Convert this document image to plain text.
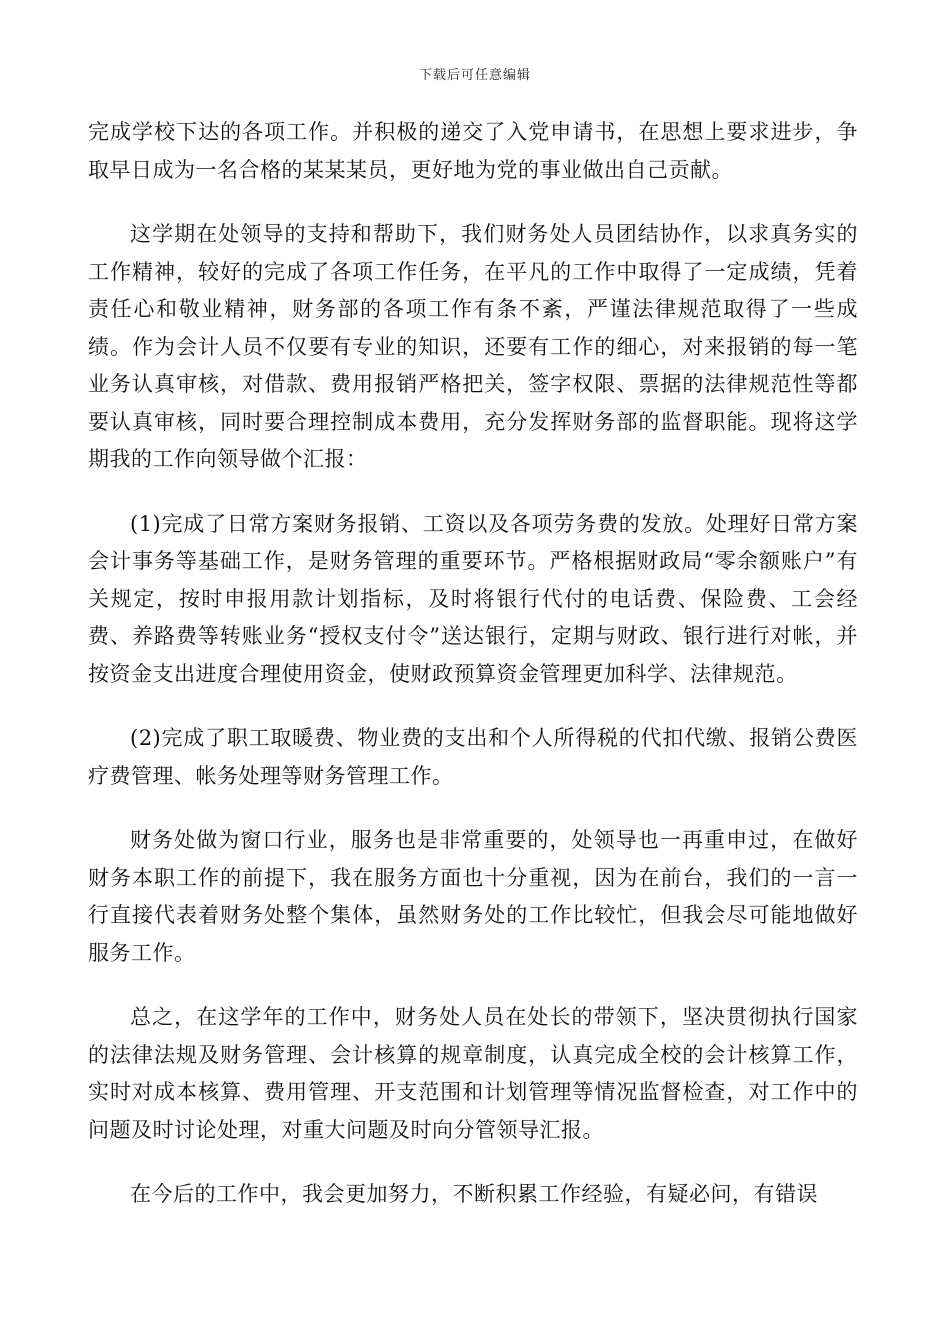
下载后可任意编辑

完成学校下达的各项工作。并积极的递交了入党申请书，在思想上要求进步，争取早日成为一名合格的某某某员，更好地为党的事业做出自己贡献。

这学期在处领导的支持和帮助下，我们财务处人员团结协作，以求真务实的工作精神，较好的完成了各项工作任务，在平凡的工作中取得了一定成绩，凭着责任心和敬业精神，财务部的各项工作有条不紊，严谨法律规范取得了一些成绩。作为会计人员不仅要有专业的知识，还要有工作的细心，对来报销的每一笔业务认真审核，对借款、费用报销严格把关，签字权限、票据的法律规范性等都要认真审核，同时要合理控制成本费用，充分发挥财务部的监督职能。现将这学期我的工作向领导做个汇报：

(1)完成了日常方案财务报销、工资以及各项劳务费的发放。处理好日常方案会计事务等基础工作，是财务管理的重要环节。严格根据财政局“零余额账户”有关规定，按时申报用款计划指标，及时将银行代付的电话费、保险费、工会经费、养路费等转账业务“授权支付令”送达银行，定期与财政、银行进行对帐，并按资金支出进度合理使用资金，使财政预算资金管理更加科学、法律规范。

(2)完成了职工取暖费、物业费的支出和个人所得税的代扣代缴、报销公费医疗费管理、帐务处理等财务管理工作。

财务处做为窗口行业，服务也是非常重要的，处领导也一再重申过，在做好财务本职工作的前提下，我在服务方面也十分重视，因为在前台，我们的一言一行直接代表着财务处整个集体，虽然财务处的工作比较忙，但我会尽可能地做好服务工作。

总之，在这学年的工作中，财务处人员在处长的带领下，坚决贯彻执行国家的法律法规及财务管理、会计核算的规章制度，认真完成全校的会计核算工作，实时对成本核算、费用管理、开支范围和计划管理等情况监督检查，对工作中的问题及时讨论处理，对重大问题及时向分管领导汇报。

在今后的工作中，我会更加努力，不断积累工作经验，有疑必问，有错误
